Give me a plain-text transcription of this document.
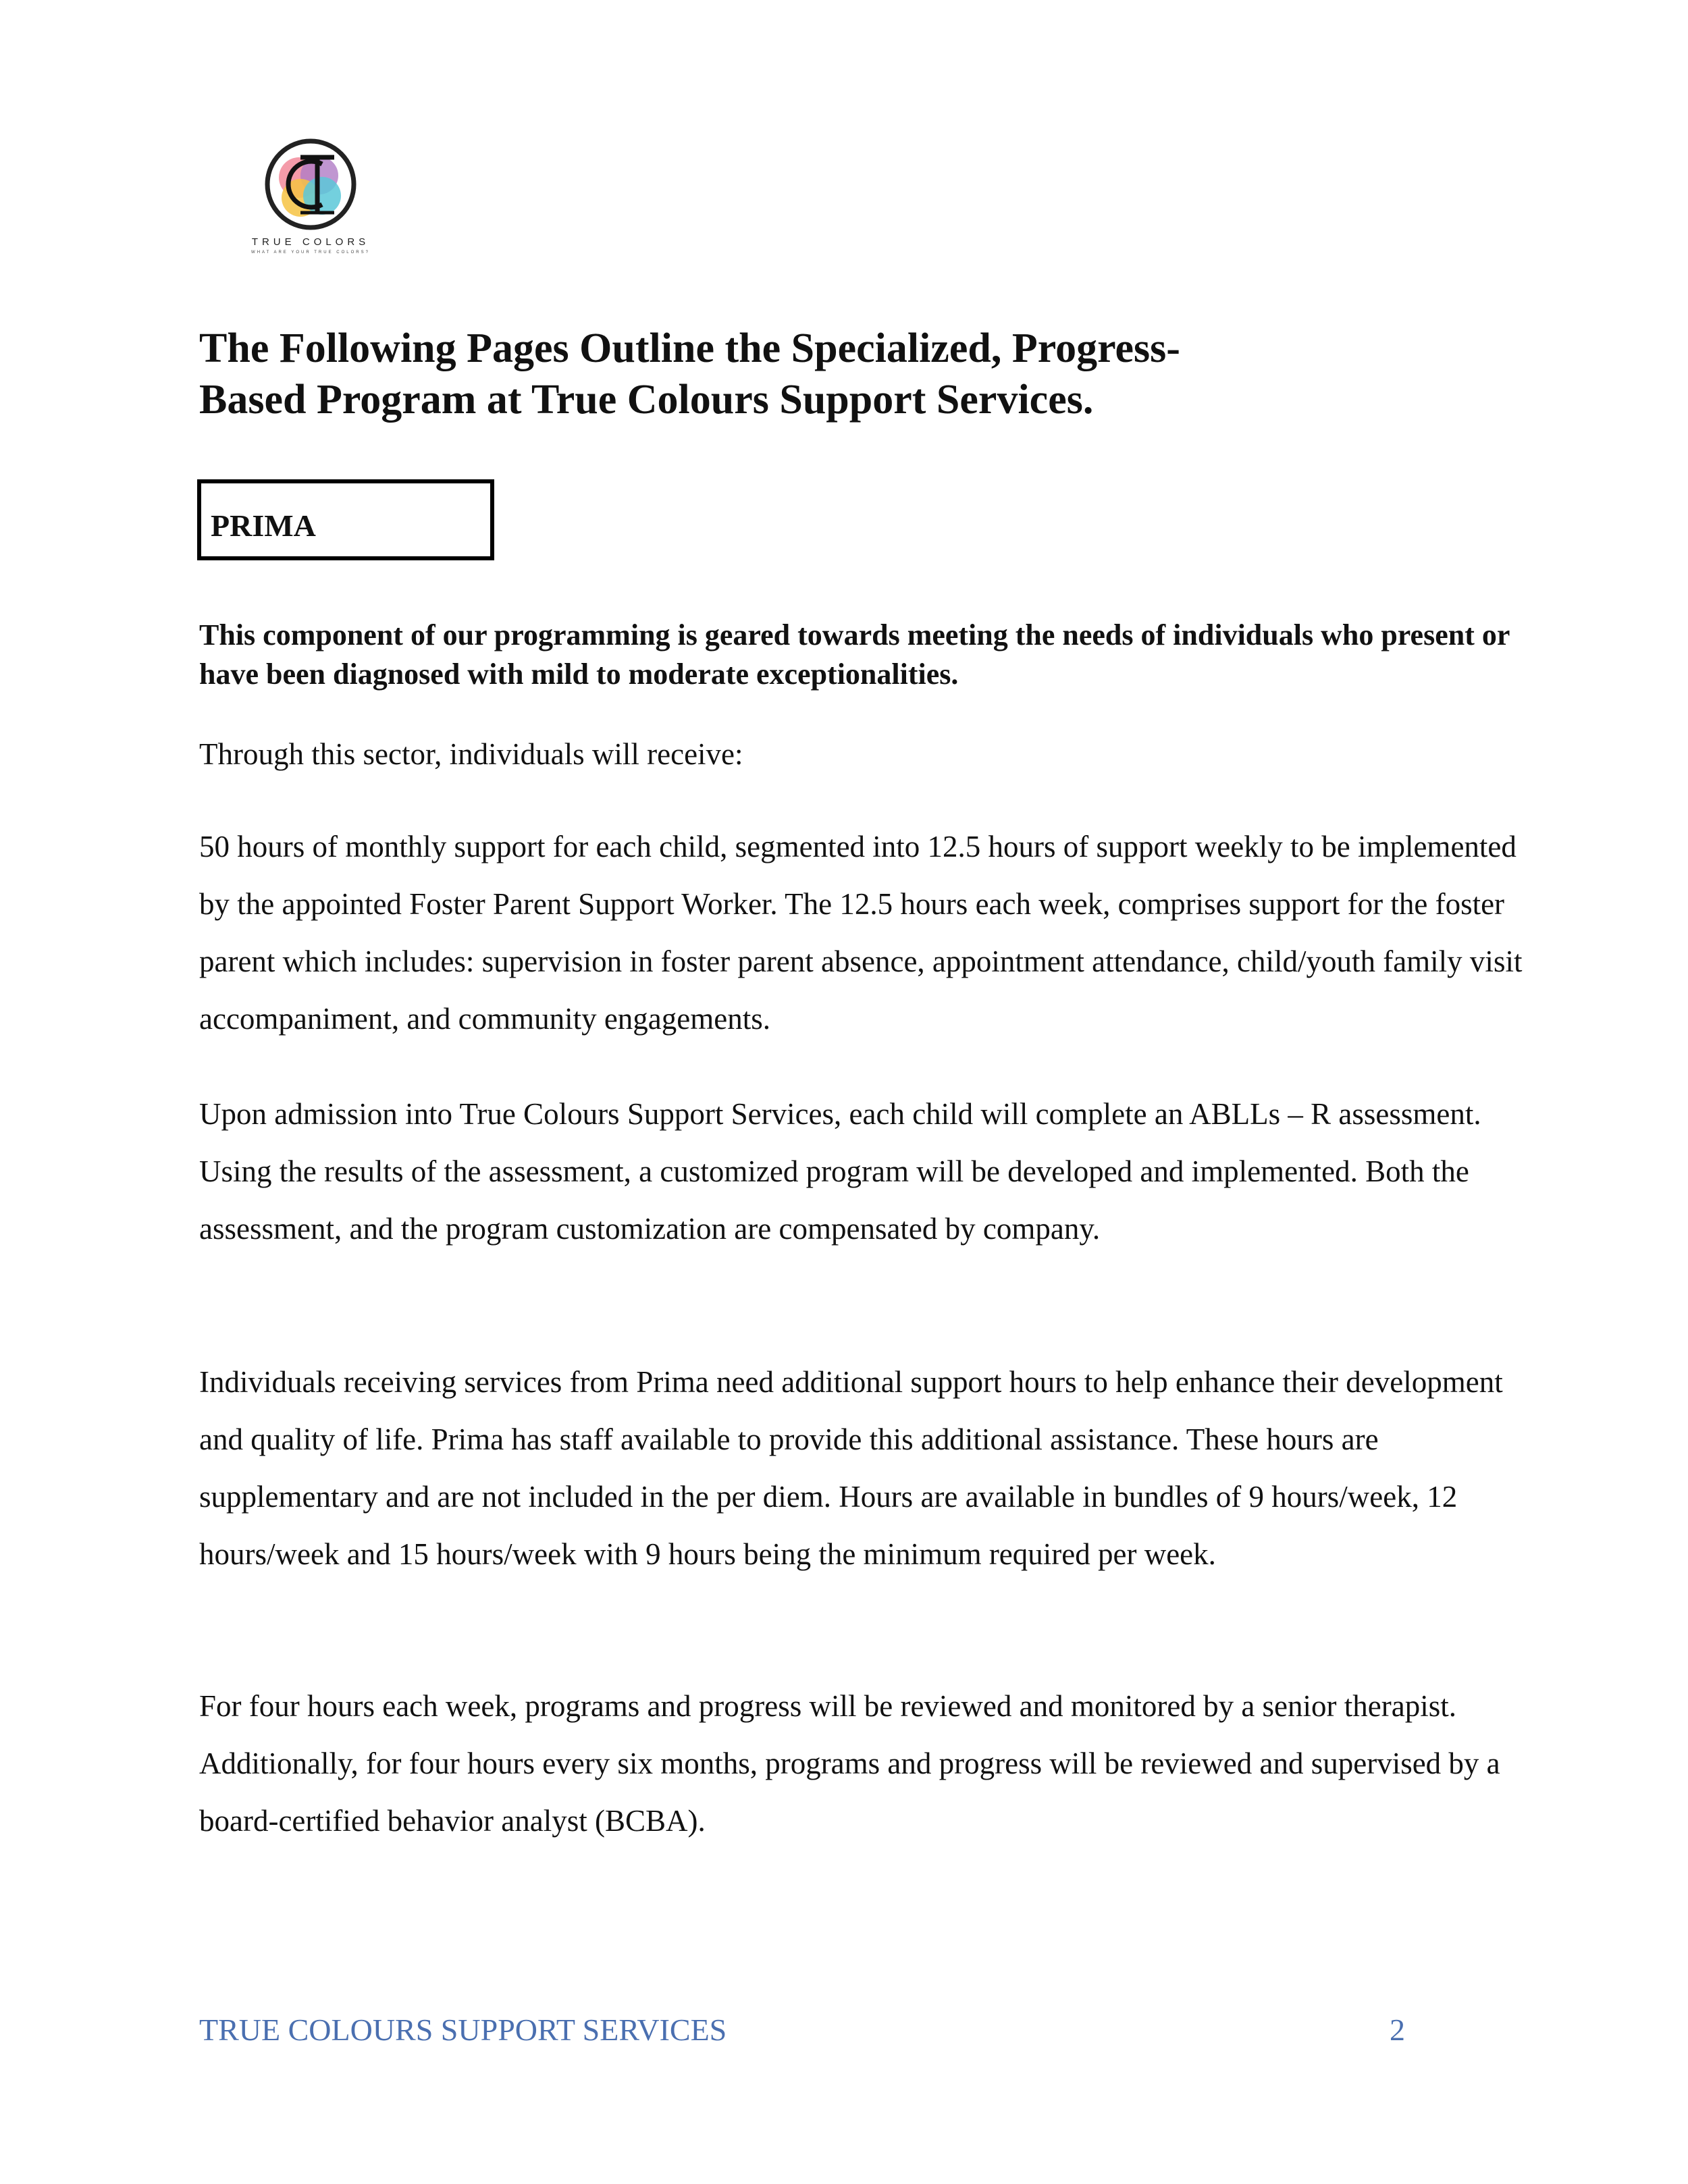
TRUE COLORS
WHAT ARE YOUR TRUE COLORS?
The Following Pages Outline the Specialized, Progress-
Based Program at True Colours Support Services.
PRIMA
This component of our programming is geared towards meeting the needs of individuals who present or have been diagnosed with mild to moderate exceptionalities.
Through this sector, individuals will receive:
50 hours of monthly support for each child, segmented into 12.5 hours of support weekly to be implemented by the appointed Foster Parent Support Worker. The 12.5 hours each week, comprises support for the foster parent which includes: supervision in foster parent absence, appointment attendance, child/youth family visit accompaniment, and community engagements.
Upon admission into True Colours Support Services, each child will complete an ABLLs – R assessment. Using the results of the assessment, a customized program will be developed and implemented. Both the assessment, and the program customization are compensated by company.
Individuals receiving services from Prima need additional support hours to help enhance their development and quality of life. Prima has staff available to provide this additional assistance. These hours are supplementary and are not included in the per diem. Hours are available in bundles of 9 hours/week, 12 hours/week and 15 hours/week with 9 hours being the minimum required per week.
For four hours each week, programs and progress will be reviewed and monitored by a senior therapist. Additionally, for four hours every six months, programs and progress will be reviewed and supervised by a board-certified behavior analyst (BCBA).
TRUE COLOURS SUPPORT SERVICES	2
